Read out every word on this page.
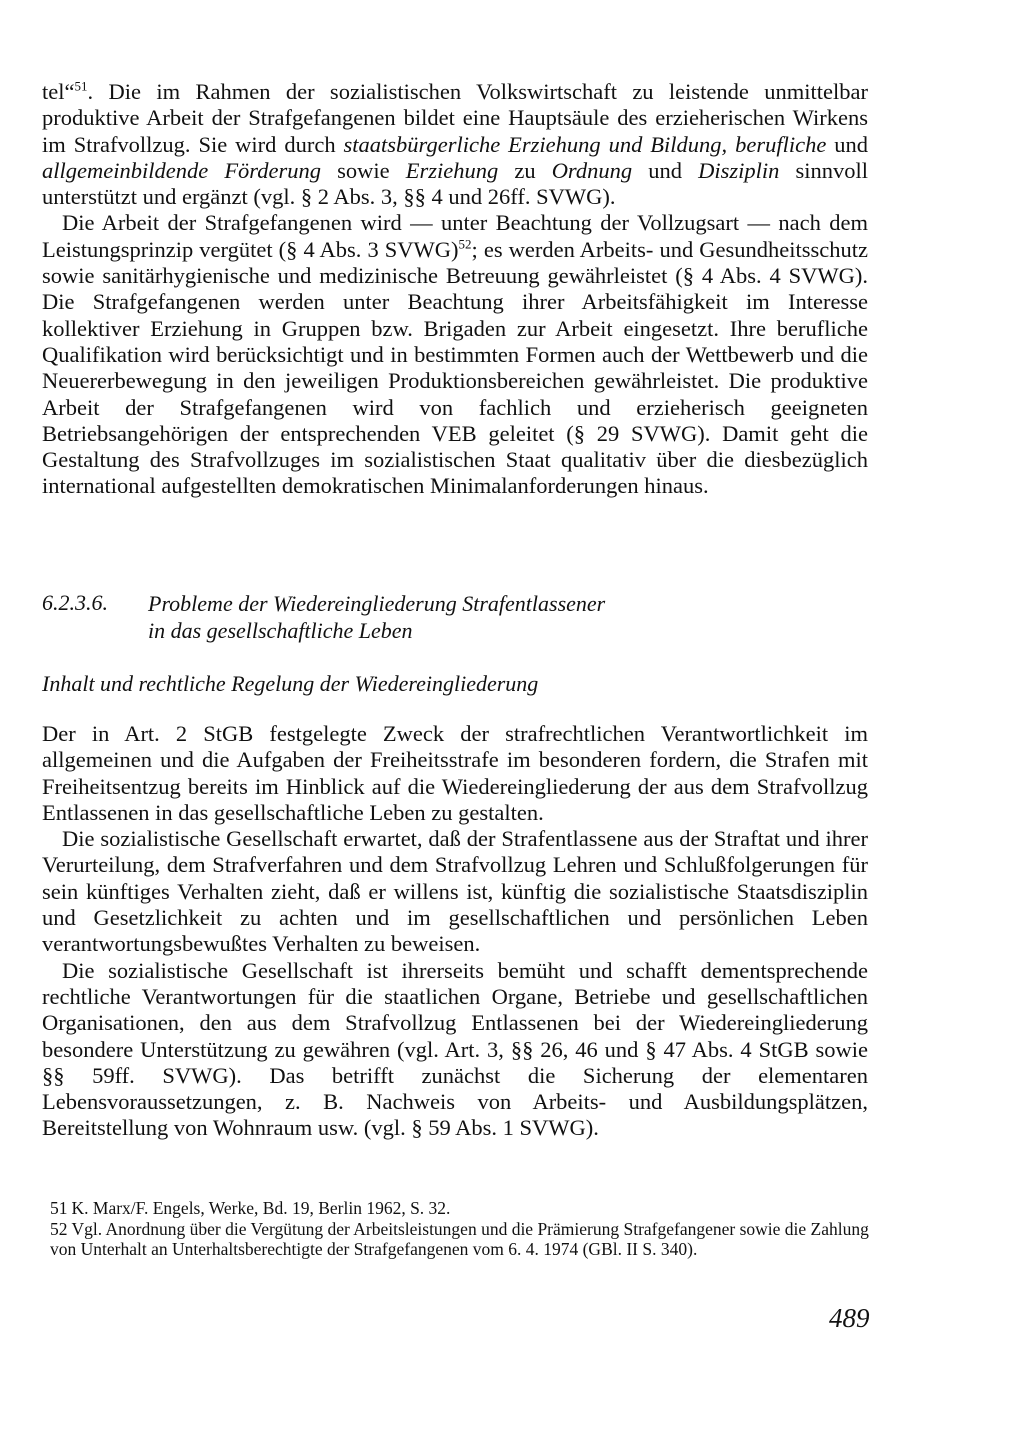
tel“$^{51}$. Die im Rahmen der sozialistischen Volkswirtschaft zu leistende unmittelbar produktive Arbeit der Strafgefangenen bildet eine Hauptsäule des erzieherischen Wirkens im Strafvollzug. Sie wird durch staatsbürgerliche Erziehung und Bildung, berufliche und allgemeinbildende Förderung sowie Erziehung zu Ordnung und Disziplin sinnvoll unterstützt und ergänzt (vgl. § 2 Abs. 3, §§ 4 und 26ff. SVWG).

Die Arbeit der Strafgefangenen wird — unter Beachtung der Vollzugsart — nach dem Leistungsprinzip vergütet (§ 4 Abs. 3 SVWG)$^{52}$; es werden Arbeits- und Gesundheitsschutz sowie sanitärhygienische und medizinische Betreuung gewährleistet (§ 4 Abs. 4 SVWG). Die Strafgefangenen werden unter Beachtung ihrer Arbeitsfähigkeit im Interesse kollektiver Erziehung in Gruppen bzw. Brigaden zur Arbeit eingesetzt. Ihre berufliche Qualifikation wird berücksichtigt und in bestimmten Formen auch der Wettbewerb und die Neuererbewegung in den jeweiligen Produktionsbereichen gewährleistet. Die produktive Arbeit der Strafgefangenen wird von fachlich und erzieherisch geeigneten Betriebsangehörigen der entsprechenden VEB geleitet (§ 29 SVWG). Damit geht die Gestaltung des Strafvollzuges im sozialistischen Staat qualitativ über die diesbezüglich international aufgestellten demokratischen Minimalanforderungen hinaus.

6.2.3.6. Probleme der Wiedereingliederung Strafentlassener
in das gesellschaftliche Leben
Inhalt und rechtliche Regelung der Wiedereingliederung

Der in Art. 2 StGB festgelegte Zweck der strafrechtlichen Verantwortlichkeit im allgemeinen und die Aufgaben der Freiheitsstrafe im besonderen fordern, die Strafen mit Freiheitsentzug bereits im Hinblick auf die Wiedereingliederung der aus dem Strafvollzug Entlassenen in das gesellschaftliche Leben zu gestalten.

Die sozialistische Gesellschaft erwartet, daß der Strafentlassene aus der Straftat und ihrer Verurteilung, dem Strafverfahren und dem Strafvollzug Lehren und Schlußfolgerungen für sein künftiges Verhalten zieht, daß er willens ist, künftig die sozialistische Staatsdisziplin und Gesetzlichkeit zu achten und im gesellschaftlichen und persönlichen Leben verantwortungsbewußtes Verhalten zu beweisen.

Die sozialistische Gesellschaft ist ihrerseits bemüht und schafft dementsprechende rechtliche Verantwortungen für die staatlichen Organe, Betriebe und gesellschaftlichen Organisationen, den aus dem Strafvollzug Entlassenen bei der Wiedereingliederung besondere Unterstützung zu gewähren (vgl. Art. 3, §§ 26, 46 und § 47 Abs. 4 StGB sowie §§ 59ff. SVWG). Das betrifft zunächst die Sicherung der elementaren Lebensvoraussetzungen, z. B. Nachweis von Arbeits- und Ausbildungsplätzen, Bereitstellung von Wohnraum usw. (vgl. § 59 Abs. 1 SVWG).

51 K. Marx/F. Engels, Werke, Bd. 19, Berlin 1962, S. 32.

52 Vgl. Anordnung über die Vergütung der Arbeitsleistungen und die Prämierung Strafgefangener sowie die Zahlung von Unterhalt an Unterhaltsberechtigte der Strafgefangenen vom 6. 4. 1974 (GBl. II S. 340).

489
